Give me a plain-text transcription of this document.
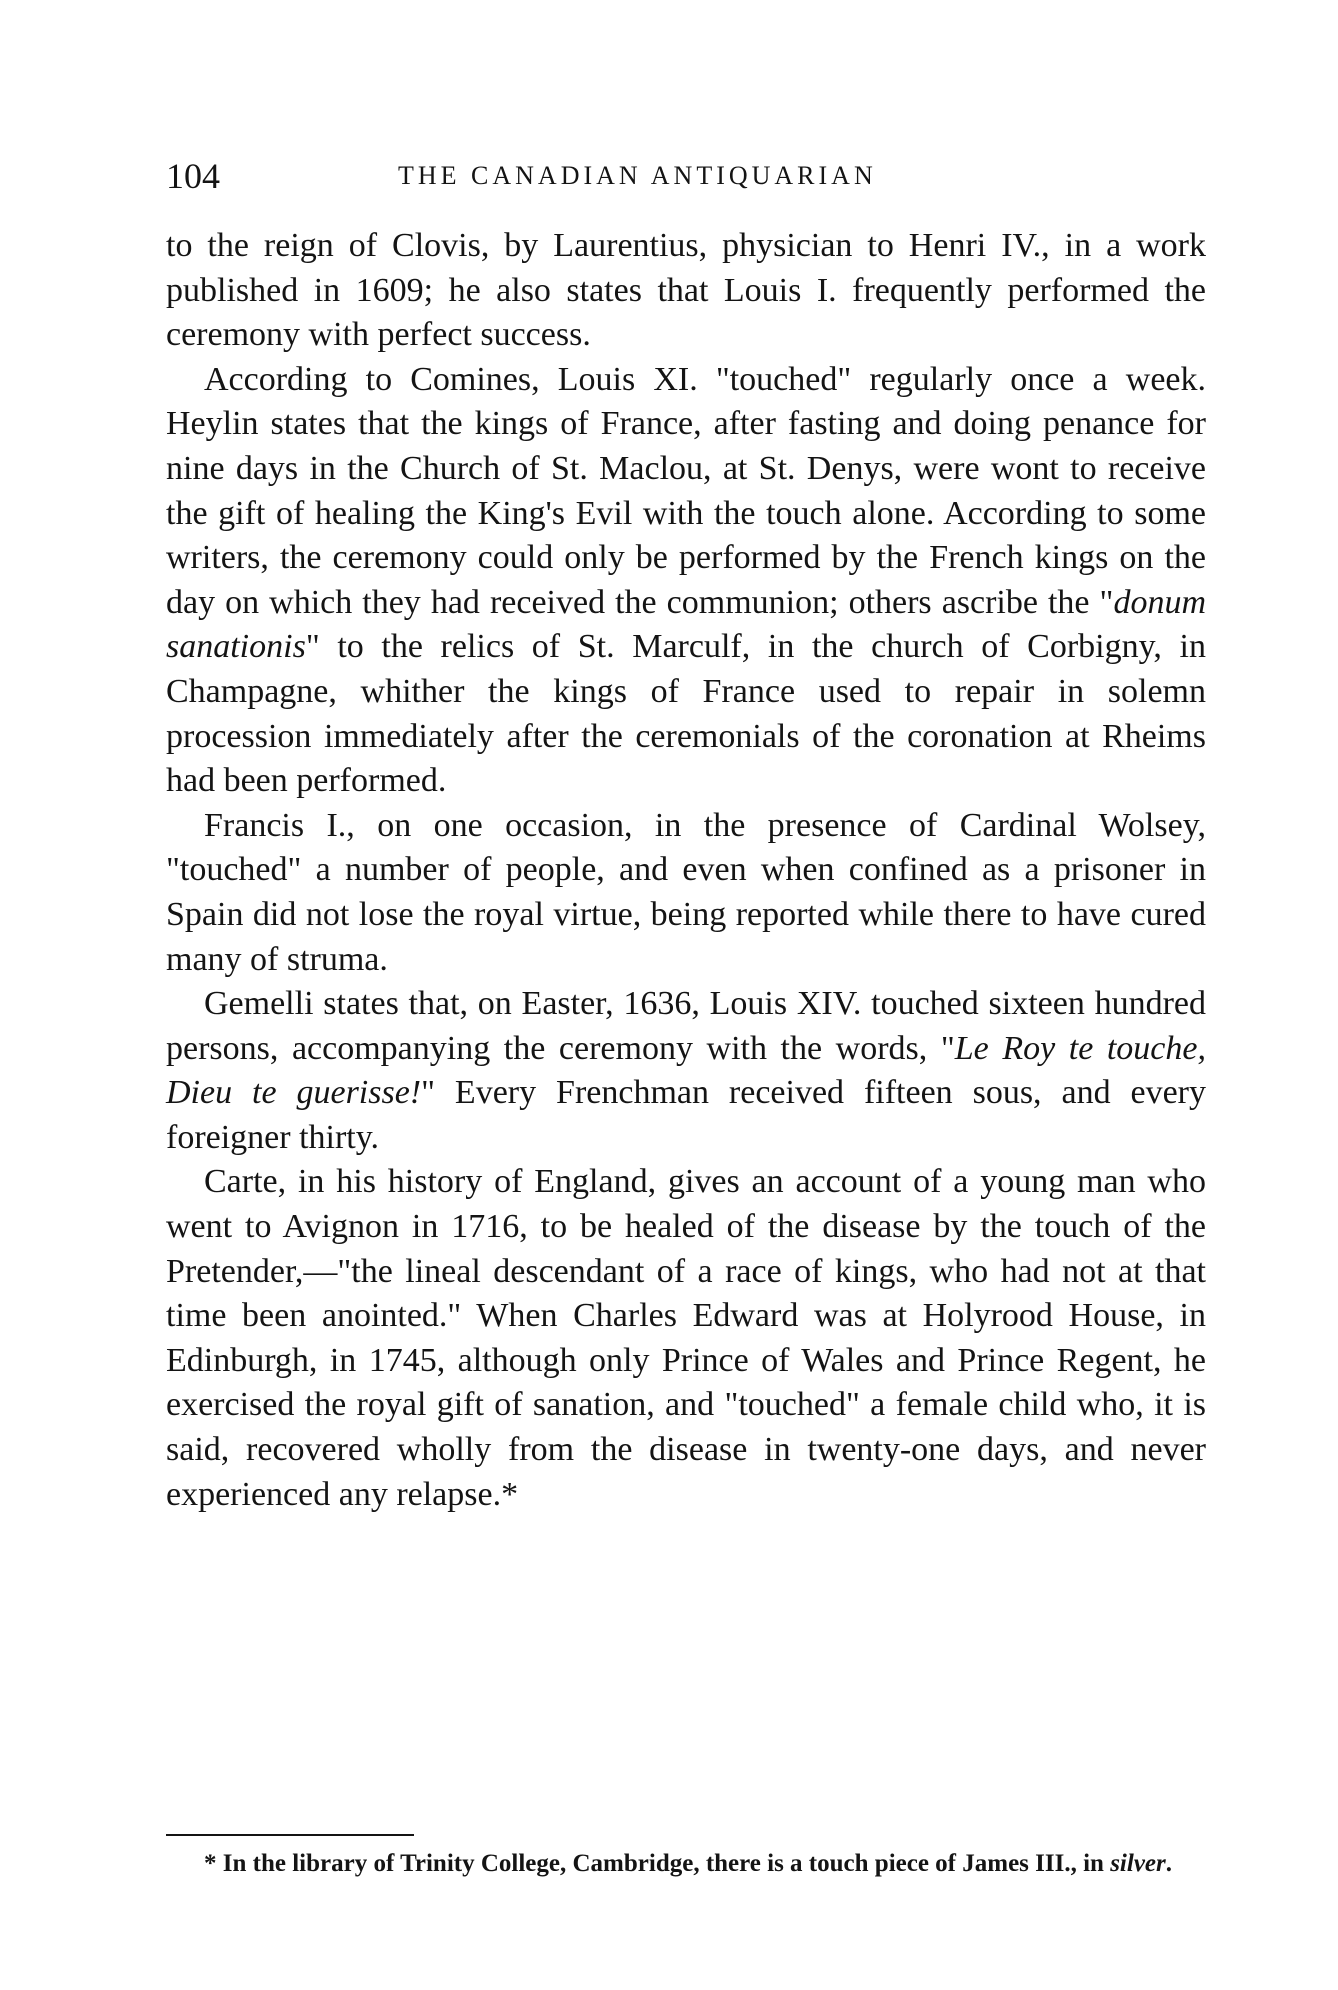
104	THE CANADIAN ANTIQUARIAN

to the reign of Clovis, by Laurentius, physician to Henri IV., in a work published in 1609; he also states that Louis I. frequently performed the ceremony with perfect success.

According to Comines, Louis XI. "touched" regularly once a week. Heylin states that the kings of France, after fasting and doing penance for nine days in the Church of St. Maclou, at St. Denys, were wont to receive the gift of healing the King's Evil with the touch alone. According to some writers, the ceremony could only be performed by the French kings on the day on which they had received the communion; others ascribe the "donum sanationis" to the relics of St. Marculf, in the church of Corbigny, in Champagne, whither the kings of France used to repair in solemn procession immediately after the ceremonials of the coronation at Rheims had been performed.

Francis I., on one occasion, in the presence of Cardinal Wolsey, "touched" a number of people, and even when confined as a prisoner in Spain did not lose the royal virtue, being reported while there to have cured many of struma.

Gemelli states that, on Easter, 1636, Louis XIV. touched sixteen hundred persons, accompanying the ceremony with the words, "Le Roy te touche, Dieu te guerisse!" Every Frenchman received fifteen sous, and every foreigner thirty.

Carte, in his history of England, gives an account of a young man who went to Avignon in 1716, to be healed of the disease by the touch of the Pretender,—"the lineal descendant of a race of kings, who had not at that time been anointed." When Charles Edward was at Holyrood House, in Edinburgh, in 1745, although only Prince of Wales and Prince Regent, he exercised the royal gift of sanation, and "touched" a female child who, it is said, recovered wholly from the disease in twenty-one days, and never experienced any relapse.*

* In the library of Trinity College, Cambridge, there is a touch piece of James III., in silver.
